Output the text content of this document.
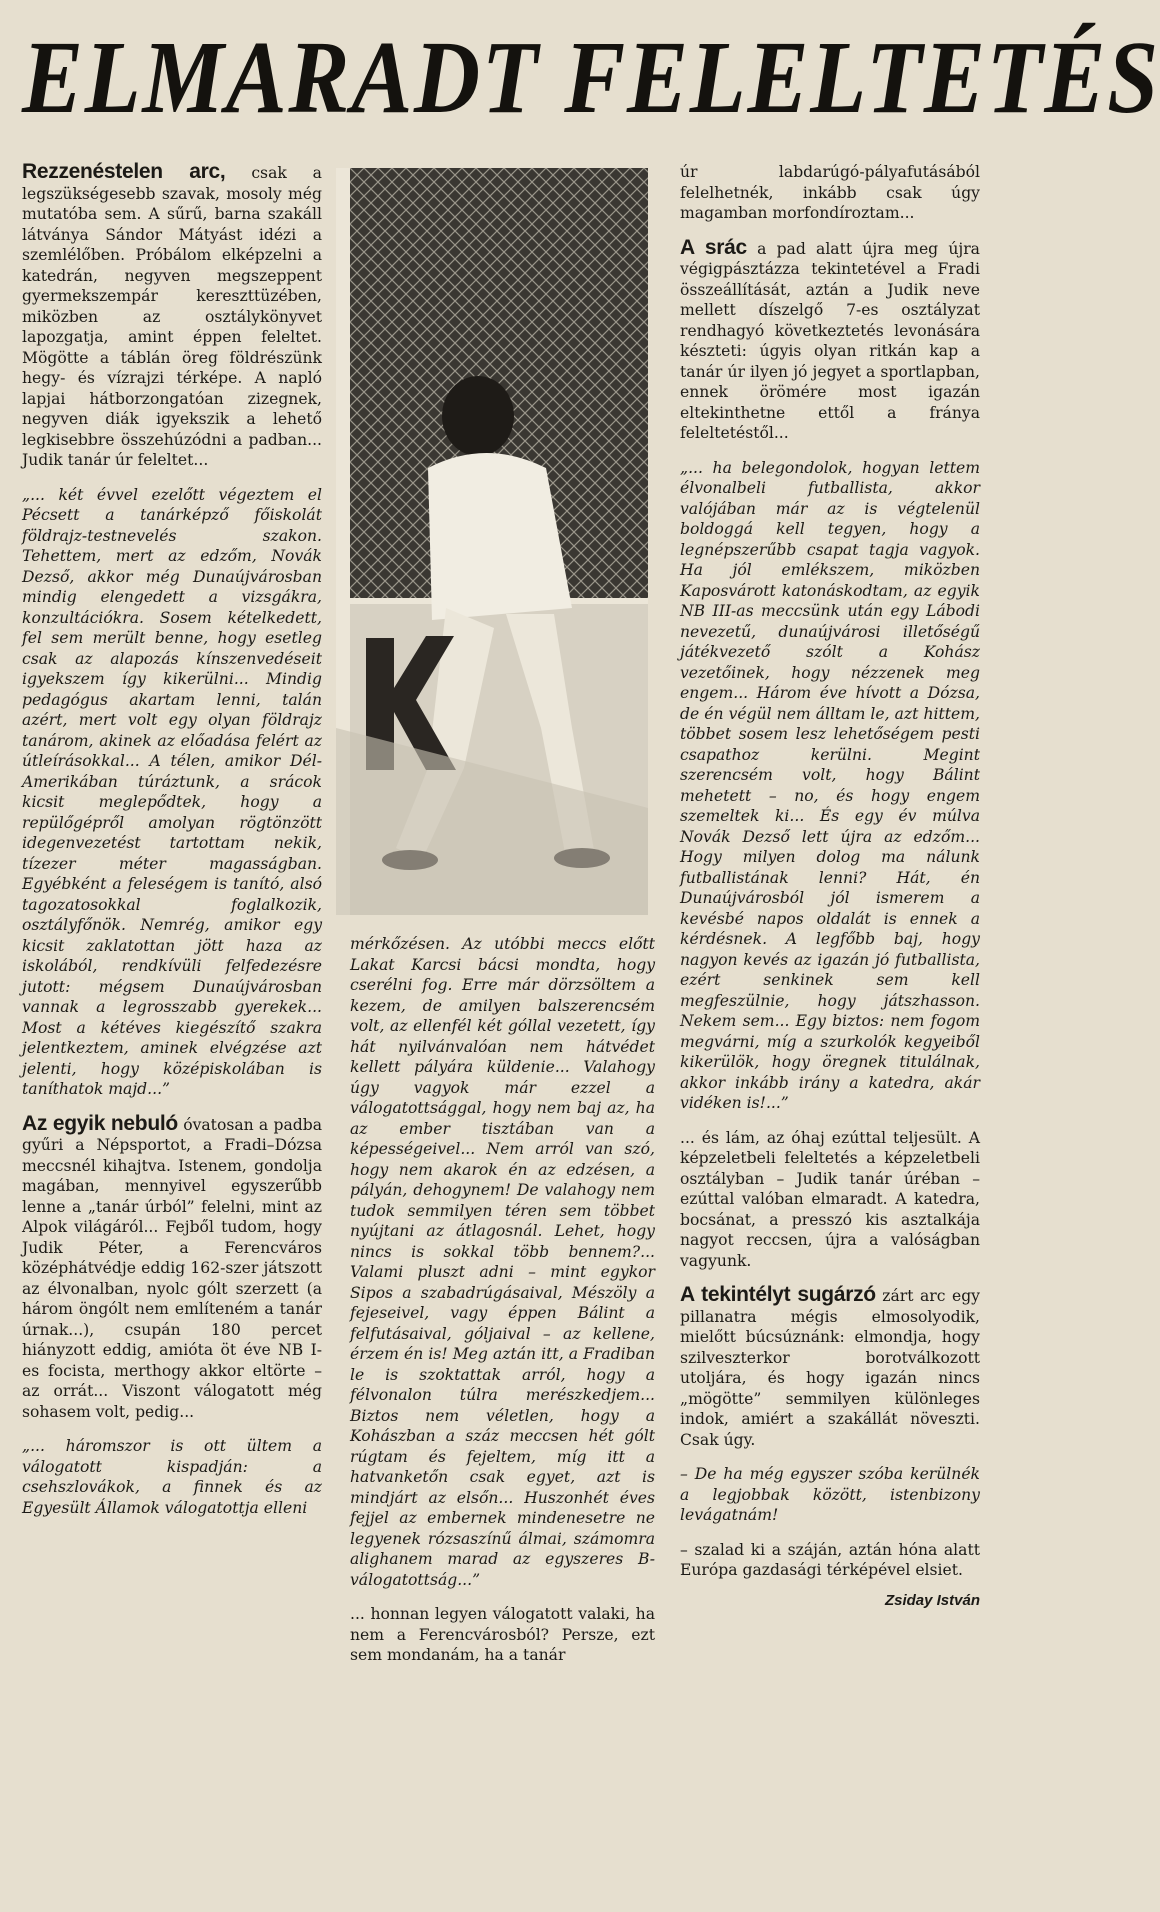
ELMARADT FELELTETÉS

Rezzenéstelen arc, csak a legszükségesebb szavak, mosoly még mutatóba sem. A sűrű, barna szakáll látványa Sándor Mátyást idézi a szemlélőben. Próbálom elképzelni a katedrán, negyven megszeppent gyermekszempár kereszttüzében, miközben az osztálykönyvet lapozgatja, amint éppen feleltet. Mögötte a táblán öreg földrészünk hegy- és vízrajzi térképe. A napló lapjai hátborzongatóan zizegnek, negyven diák igyekszik a lehető legkisebbre összehúzódni a padban... Judik tanár úr feleltet...

„... két évvel ezelőtt végeztem el Pécsett a tanárképző főiskolát földrajz-testnevelés szakon. Tehettem, mert az edzőm, Novák Dezső, akkor még Dunaújvárosban mindig elengedett a vizsgákra, konzultációkra. Sosem kételkedett, fel sem merült benne, hogy esetleg csak az alapozás kínszenvedéseit igyekszem így kikerülni... Mindig pedagógus akartam lenni, talán azért, mert volt egy olyan földrajz tanárom, akinek az előadása felért az útleírásokkal... A télen, amikor Dél-Amerikában túráztunk, a srácok kicsit meglepődtek, hogy a repülőgépről amolyan rögtönzött idegenvezetést tartottam nekik, tízezer méter magasságban. Egyébként a feleségem is tanító, alsó tagozatosokkal foglalkozik, osztályfőnök. Nemrég, amikor egy kicsit zaklatottan jött haza az iskolából, rendkívüli felfedezésre jutott: mégsem Dunaújvárosban vannak a legrosszabb gyerekek... Most a kétéves kiegészítő szakra jelentkeztem, aminek elvégzése azt jelenti, hogy középiskolában is taníthatok majd...”

Az egyik nebuló óvatosan a padba gyűri a Népsportot, a Fradi–Dózsa meccsnél kihajtva. Istenem, gondolja magában, mennyivel egyszerűbb lenne a „tanár úrból” felelni, mint az Alpok világáról... Fejből tudom, hogy Judik Péter, a Ferencváros középhátvédje eddig 162-szer játszott az élvonalban, nyolc gólt szerzett (a három öngólt nem említeném a tanár úrnak...), csupán 180 percet hiányzott eddig, amióta öt éve NB I-es focista, merthogy akkor eltörte – az orrát... Viszont válogatott még sohasem volt, pedig...

„... háromszor is ott ültem a válogatott kispadján: a csehszlovákok, a finnek és az Egyesült Államok válogatottja elleni

mérkőzésen. Az utóbbi meccs előtt Lakat Karcsi bácsi mondta, hogy cserélni fog. Erre már dörzsöltem a kezem, de amilyen balszerencsém volt, az ellenfél két góllal vezetett, így hát nyilvánvalóan nem hátvédet kellett pályára küldenie... Valahogy úgy vagyok már ezzel a válogatottsággal, hogy nem baj az, ha az ember tisztában van a képességeivel... Nem arról van szó, hogy nem akarok én az edzésen, a pályán, dehogynem! De valahogy nem tudok semmilyen téren sem többet nyújtani az átlagosnál. Lehet, hogy nincs is sokkal több bennem?... Valami pluszt adni – mint egykor Sipos a szabadrúgásaival, Mészöly a fejeseivel, vagy éppen Bálint a felfutásaival, góljaival – az kellene, érzem én is! Meg aztán itt, a Fradiban le is szoktattak arról, hogy a félvonalon túlra merészkedjem... Biztos nem véletlen, hogy a Kohászban a száz meccsen hét gólt rúgtam és fejeltem, míg itt a hatvanketőn csak egyet, azt is mindjárt az elsőn... Huszonhét éves fejjel az embernek mindenesetre ne legyenek rózsaszínű álmai, számomra alighanem marad az egyszeres B-válogatottság...”

... honnan legyen válogatott valaki, ha nem a Ferencvárosból? Persze, ezt sem mondanám, ha a tanár

úr labdarúgó-pályafutásából felelhetnék, inkább csak úgy magamban morfondíroztam...

A srác a pad alatt újra meg újra végigpásztázza tekintetével a Fradi összeállítását, aztán a Judik neve mellett díszelgő 7-es osztályzat rendhagyó következtetés levonására készteti: úgyis olyan ritkán kap a tanár úr ilyen jó jegyet a sportlapban, ennek örömére most igazán eltekinthetne ettől a fránya feleltetéstől...

„... ha belegondolok, hogyan lettem élvonalbeli futballista, akkor valójában már az is végtelenül boldoggá kell tegyen, hogy a legnépszerűbb csapat tagja vagyok. Ha jól emlékszem, miközben Kaposvárott katonáskodtam, az egyik NB III-as meccsünk után egy Lábodi nevezetű, dunaújvárosi illetőségű játékvezető szólt a Kohász vezetőinek, hogy nézzenek meg engem... Három éve hívott a Dózsa, de én végül nem álltam le, azt hittem, többet sosem lesz lehetőségem pesti csapathoz kerülni. Megint szerencsém volt, hogy Bálint mehetett – no, és hogy engem szemeltek ki... És egy év múlva Novák Dezső lett újra az edzőm... Hogy milyen dolog ma nálunk futballistának lenni? Hát, én Dunaújvárosból jól ismerem a kevésbé napos oldalát is ennek a kérdésnek. A legfőbb baj, hogy nagyon kevés az igazán jó futballista, ezért senkinek sem kell megfeszülnie, hogy játszhasson. Nekem sem... Egy biztos: nem fogom megvárni, míg a szurkolók kegyeiből kikerülök, hogy öregnek titulálnak, akkor inkább irány a katedra, akár vidéken is!...”

... és lám, az óhaj ezúttal teljesült. A képzeletbeli feleltetés a képzeletbeli osztályban – Judik tanár úréban – ezúttal valóban elmaradt. A katedra, bocsánat, a presszó kis asztalkája nagyot reccsen, újra a valóságban vagyunk.

A tekintélyt sugárzó zárt arc egy pillanatra mégis elmosolyodik, mielőtt búcsúznánk: elmondja, hogy szilveszterkor borotválkozott utoljára, és hogy igazán nincs „mögötte” semmilyen különleges indok, amiért a szakállát növeszti. Csak úgy.

– De ha még egyszer szóba kerülnék a legjobbak között, istenbizony levágatnám!

– szalad ki a száján, aztán hóna alatt Európa gazdasági térképével elsiet.

Zsiday István
